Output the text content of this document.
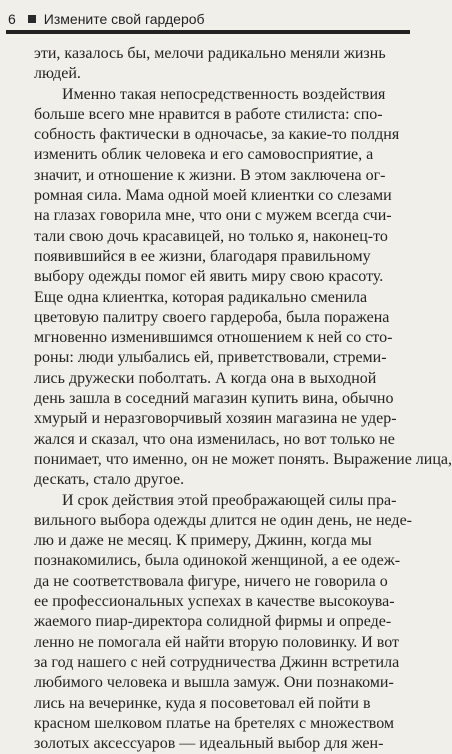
6 Измените свой гардероб
эти, казалось бы, мелочи радикально меняли жизнь
людей.
Именно такая непосредственность воздействия
больше всего мне нравится в работе стилиста: спо-
собность фактически в одночасье, за какие-то полдня
изменить облик человека и его самовосприятие, а
значит, и отношение к жизни. В этом заключена ог-
ромная сила. Мама одной моей клиентки со слезами
на глазах говорила мне, что они с мужем всегда счи-
тали свою дочь красавицей, но только я, наконец-то
появившийся в ее жизни, благодаря правильному
выбору одежды помог ей явить миру свою красоту.
Еще одна клиентка, которая радикально сменила
цветовую палитру своего гардероба, была поражена
мгновенно изменившимся отношением к ней со сто-
роны: люди улыбались ей, приветствовали, стреми-
лись дружески поболтать. А когда она в выходной
день зашла в соседний магазин купить вина, обычно
хмурый и неразговорчивый хозяин магазина не удер-
жался и сказал, что она изменилась, но вот только не
понимает, что именно, он не может понять. Выражение лица,
дескать, стало другое.
И срок действия этой преображающей силы пра-
вильного выбора одежды длится не один день, не неде-
лю и даже не месяц. К примеру, Джинн, когда мы
познакомились, была одинокой женщиной, а ее одеж-
да не соответствовала фигуре, ничего не говорила о
ее профессиональных успехах в качестве высокоува-
жаемого пиар-директора солидной фирмы и опреде-
ленно не помогала ей найти вторую половинку. И вот
за год нашего с ней сотрудничества Джинн встретила
любимого человека и вышла замуж. Они познакоми-
лись на вечеринке, куда я посоветовал ей пойти в
красном шелковом платье на бретелях с множеством
золотых аксессуаров — идеальный выбор для жен-
